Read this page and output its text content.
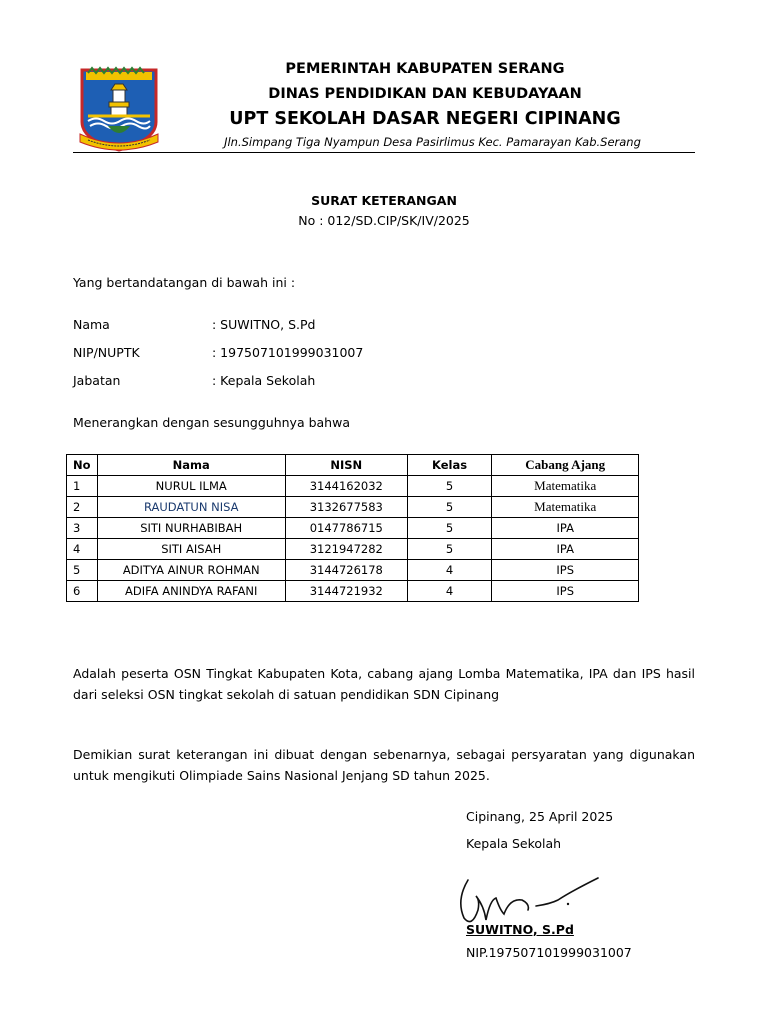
PEMERINTAH KABUPATEN SERANG
DINAS PENDIDIKAN DAN KEBUDAYAAN
UPT SEKOLAH DASAR NEGERI CIPINANG
Jln.Simpang Tiga Nyampun Desa Pasirlimus Kec. Pamarayan Kab.Serang
SURAT KETERANGAN
No : 012/SD.CIP/SK/IV/2025
Yang bertandatangan di bawah ini :
Nama	: SUWITNO, S.Pd
NIP/NUPTK	: 197507101999031007
Jabatan	: Kepala Sekolah
Menerangkan dengan sesungguhnya bahwa
No	Nama	NISN	Kelas	Cabang Ajang
1	NURUL ILMA	3144162032	5	Matematika
2	RAUDATUN NISA	3132677583	5	Matematika
3	SITI NURHABIBAH	0147786715	5	IPA
4	SITI AISAH	3121947282	5	IPA
5	ADITYA AINUR ROHMAN	3144726178	4	IPS
6	ADIFA ANINDYA RAFANI	3144721932	4	IPS
Adalah peserta OSN Tingkat Kabupaten Kota, cabang ajang Lomba Matematika, IPA dan IPS hasil dari seleksi OSN tingkat sekolah di satuan pendidikan SDN Cipinang
Demikian surat keterangan ini dibuat dengan sebenarnya, sebagai persyaratan yang digunakan untuk mengikuti Olimpiade Sains Nasional Jenjang SD tahun 2025.
Cipinang, 25 April 2025
Kepala Sekolah
SUWITNO, S.Pd
NIP.197507101999031007
